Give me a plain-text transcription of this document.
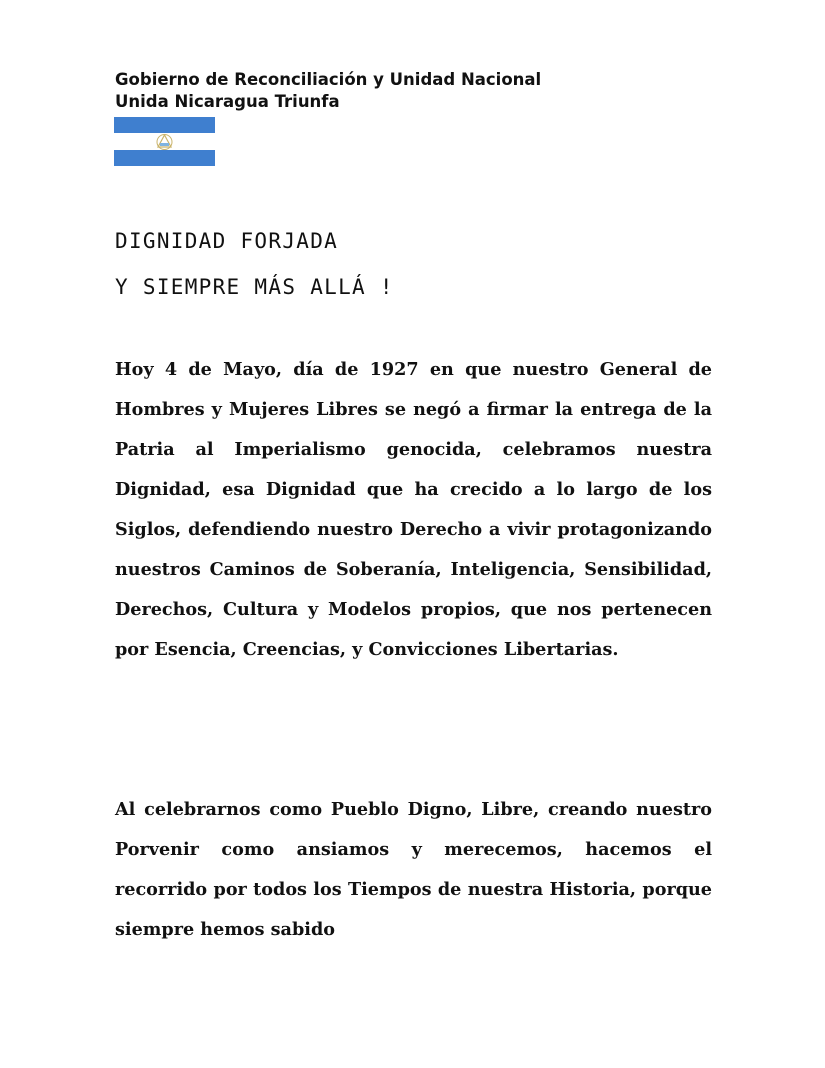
Gobierno de Reconciliación y Unidad Nacional
Unida Nicaragua Triunfa
DIGNIDAD FORJADA
Y SIEMPRE MÁS ALLÁ !
Hoy 4 de Mayo, día de 1927 en que nuestro General de Hombres y Mujeres Libres se negó a firmar la entrega de la Patria al Imperialismo genocida, celebramos nuestra Dignidad, esa Dignidad que ha crecido a lo largo de los Siglos, defendiendo nuestro Derecho a vivir protagonizando nuestros Caminos de Soberanía, Inteligencia, Sensibilidad, Derechos, Cultura y Modelos propios, que nos pertenecen por Esencia, Creencias, y Convicciones Libertarias.
Al celebrarnos como Pueblo Digno, Libre, creando nuestro Porvenir como ansiamos y merecemos, hacemos el recorrido por todos los Tiempos de nuestra Historia, porque siempre hemos sabido
